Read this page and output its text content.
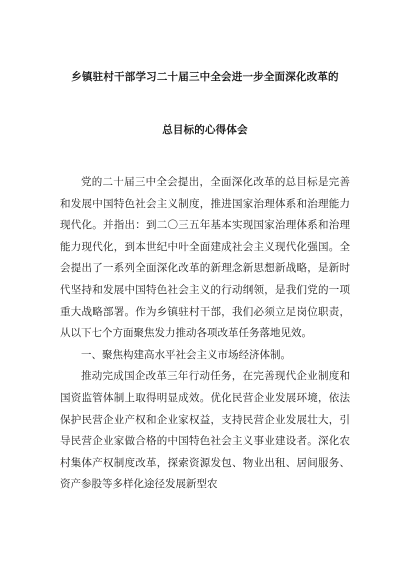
乡镇驻村干部学习二十届三中全会进一步全面深化改革的
总目标的心得体会

党的二十届三中全会提出，全面深化改革的总目标是完善和发展中国特色社会主义制度，推进国家治理体系和治理能力现代化。并指出：到二〇三五年基本实现国家治理体系和治理能力现代化，到本世纪中叶全面建成社会主义现代化强国。全会提出了一系列全面深化改革的新理念新思想新战略，是新时代坚持和发展中国特色社会主义的行动纲领，是我们党的一项重大战略部署。作为乡镇驻村干部，我们必须立足岗位职责，从以下七个方面聚焦发力推动各项改革任务落地见效。

一、聚焦构建高水平社会主义市场经济体制。

推动完成国企改革三年行动任务，在完善现代企业制度和国资监管体制上取得明显成效。优化民营企业发展环境，依法保护民营企业产权和企业家权益，支持民营企业发展壮大，引导民营企业家做合格的中国特色社会主义事业建设者。深化农村集体产权制度改革，探索资源发包、物业出租、居间服务、资产参股等多样化途径发展新型农
